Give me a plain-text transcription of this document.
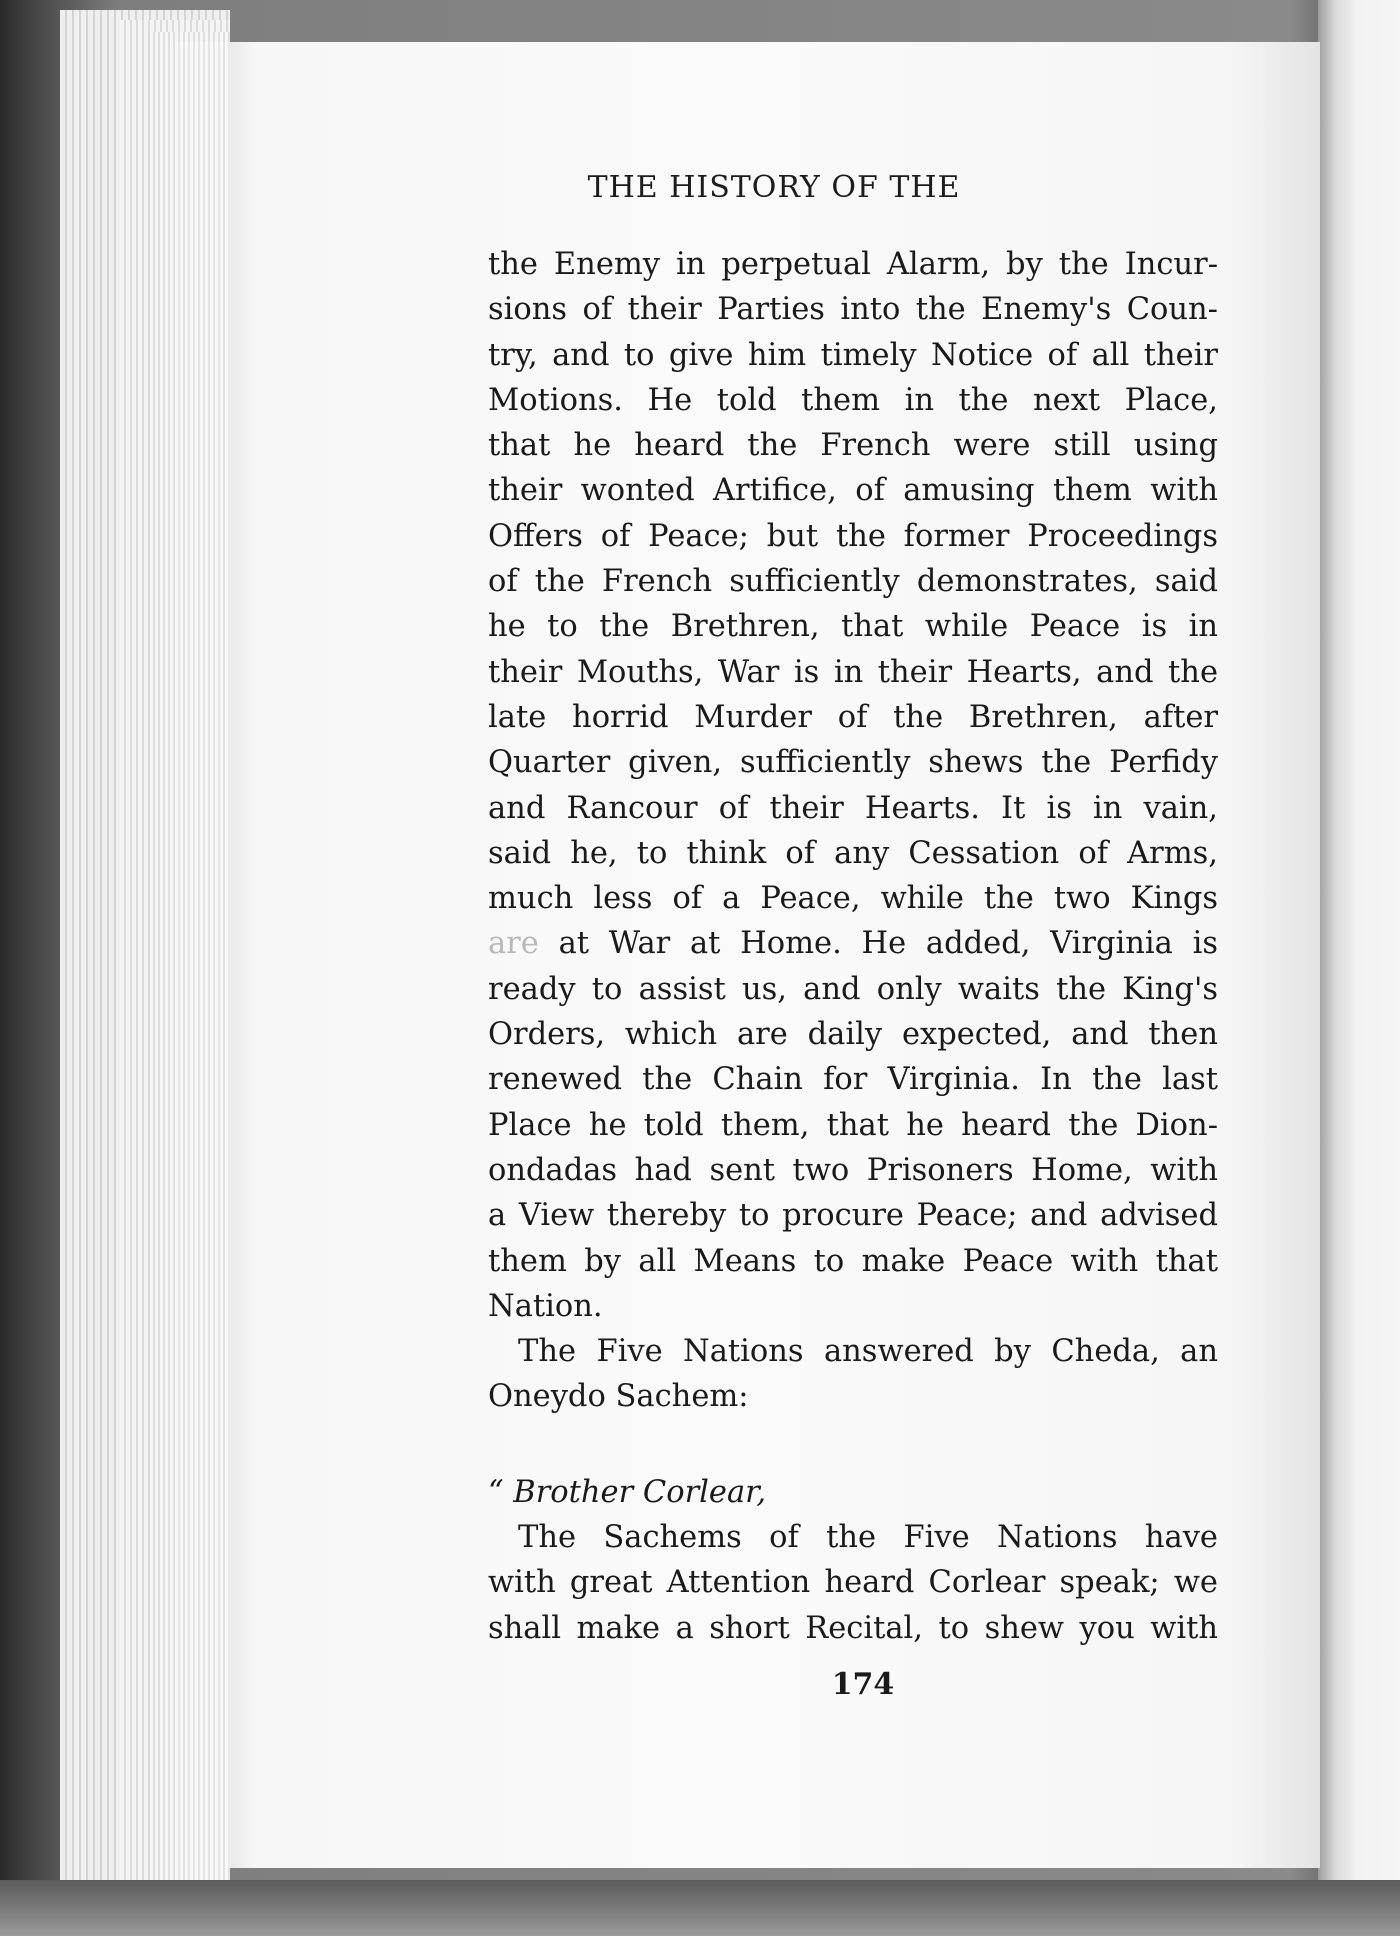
THE HISTORY OF THE
the Enemy in perpetual Alarm, by the Incur-
sions of their Parties into the Enemy's Coun-
try, and to give him timely Notice of all their
Motions. He told them in the next Place,
that he heard the French were still using
their wonted Artifice, of amusing them with
Offers of Peace; but the former Proceedings
of the French sufficiently demonstrates, said
he to the Brethren, that while Peace is in
their Mouths, War is in their Hearts, and the
late horrid Murder of the Brethren, after
Quarter given, sufficiently shews the Perfidy
and Rancour of their Hearts. It is in vain,
said he, to think of any Cessation of Arms,
much less of a Peace, while the two Kings
are at War at Home. He added, Virginia is
ready to assist us, and only waits the King's
Orders, which are daily expected, and then
renewed the Chain for Virginia. In the last
Place he told them, that he heard the Dion-
ondadas had sent two Prisoners Home, with
a View thereby to procure Peace; and advised
them by all Means to make Peace with that
Nation.
The Five Nations answered by Cheda, an
Oneydo Sachem:
“ Brother Corlear,
The Sachems of the Five Nations have
with great Attention heard Corlear speak; we
shall make a short Recital, to shew you with
174
